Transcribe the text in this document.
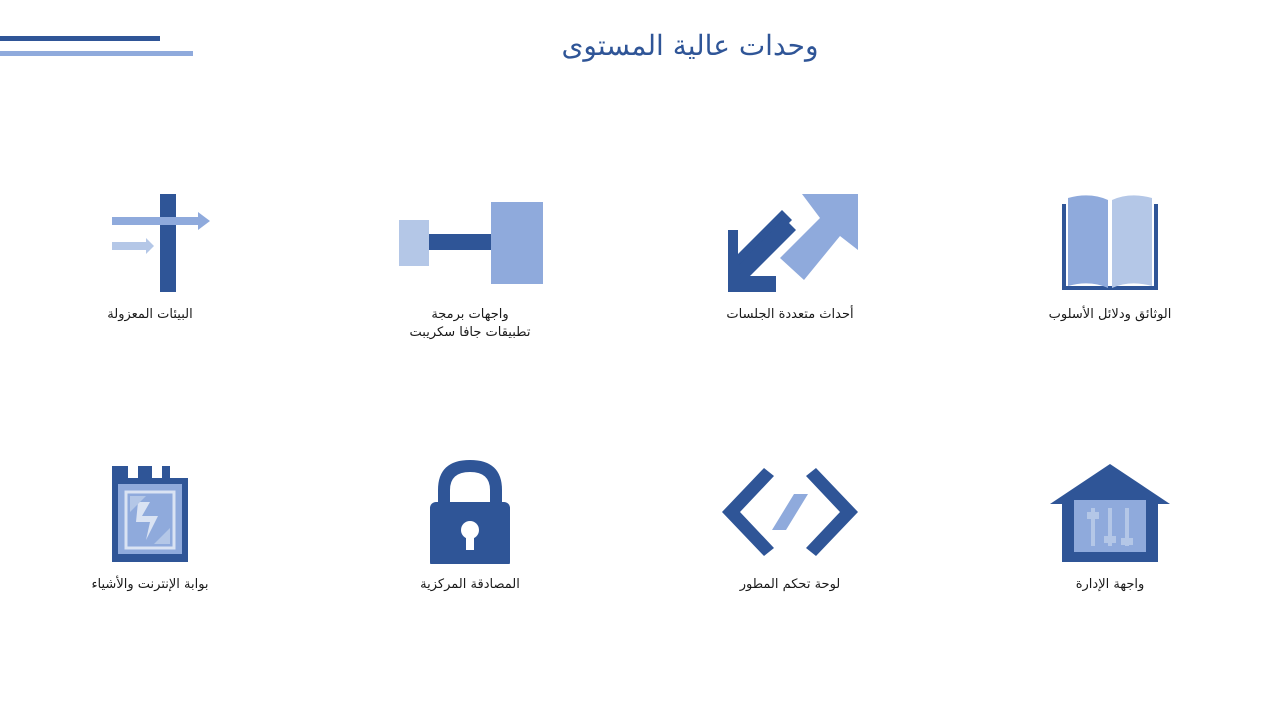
وحدات عالية المستوى
الوثائق ودلائل الأسلوب
أحداث متعددة الجلسات
واجهات برمجة
تطبيقات جافا سكريبت
البيئات المعزولة
واجهة الإدارة
لوحة تحكم المطور
المصادقة المركزية
بوابة الإنترنت والأشياء
